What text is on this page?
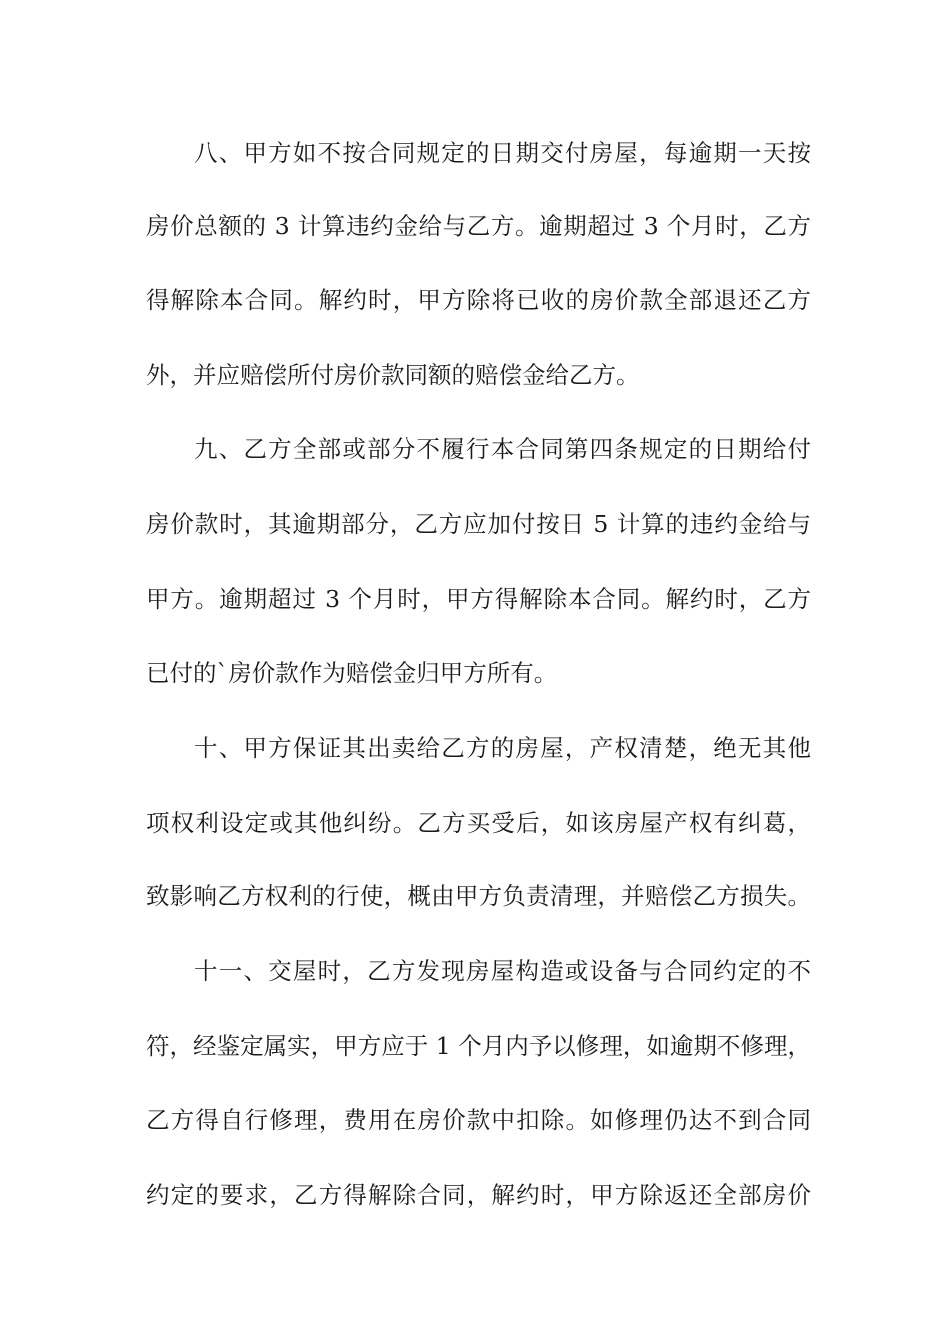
八、甲方如不按合同规定的日期交付房屋，每逾期一天按
房价总额的 3 计算违约金给与乙方。逾期超过 3 个月时，乙方
得解除本合同。解约时，甲方除将已收的房价款全部退还乙方
外，并应赔偿所付房价款同额的赔偿金给乙方。
九、乙方全部或部分不履行本合同第四条规定的日期给付
房价款时，其逾期部分，乙方应加付按日 5 计算的违约金给与
甲方。逾期超过 3 个月时，甲方得解除本合同。解约时，乙方
已付的`房价款作为赔偿金归甲方所有。
十、甲方保证其出卖给乙方的房屋，产权清楚，绝无其他
项权利设定或其他纠纷。乙方买受后，如该房屋产权有纠葛，
致影响乙方权利的行使，概由甲方负责清理，并赔偿乙方损失。
十一、交屋时，乙方发现房屋构造或设备与合同约定的不
符，经鉴定属实，甲方应于 1 个月内予以修理，如逾期不修理，
乙方得自行修理，费用在房价款中扣除。如修理仍达不到合同
约定的要求，乙方得解除合同，解约时，甲方除返还全部房价
